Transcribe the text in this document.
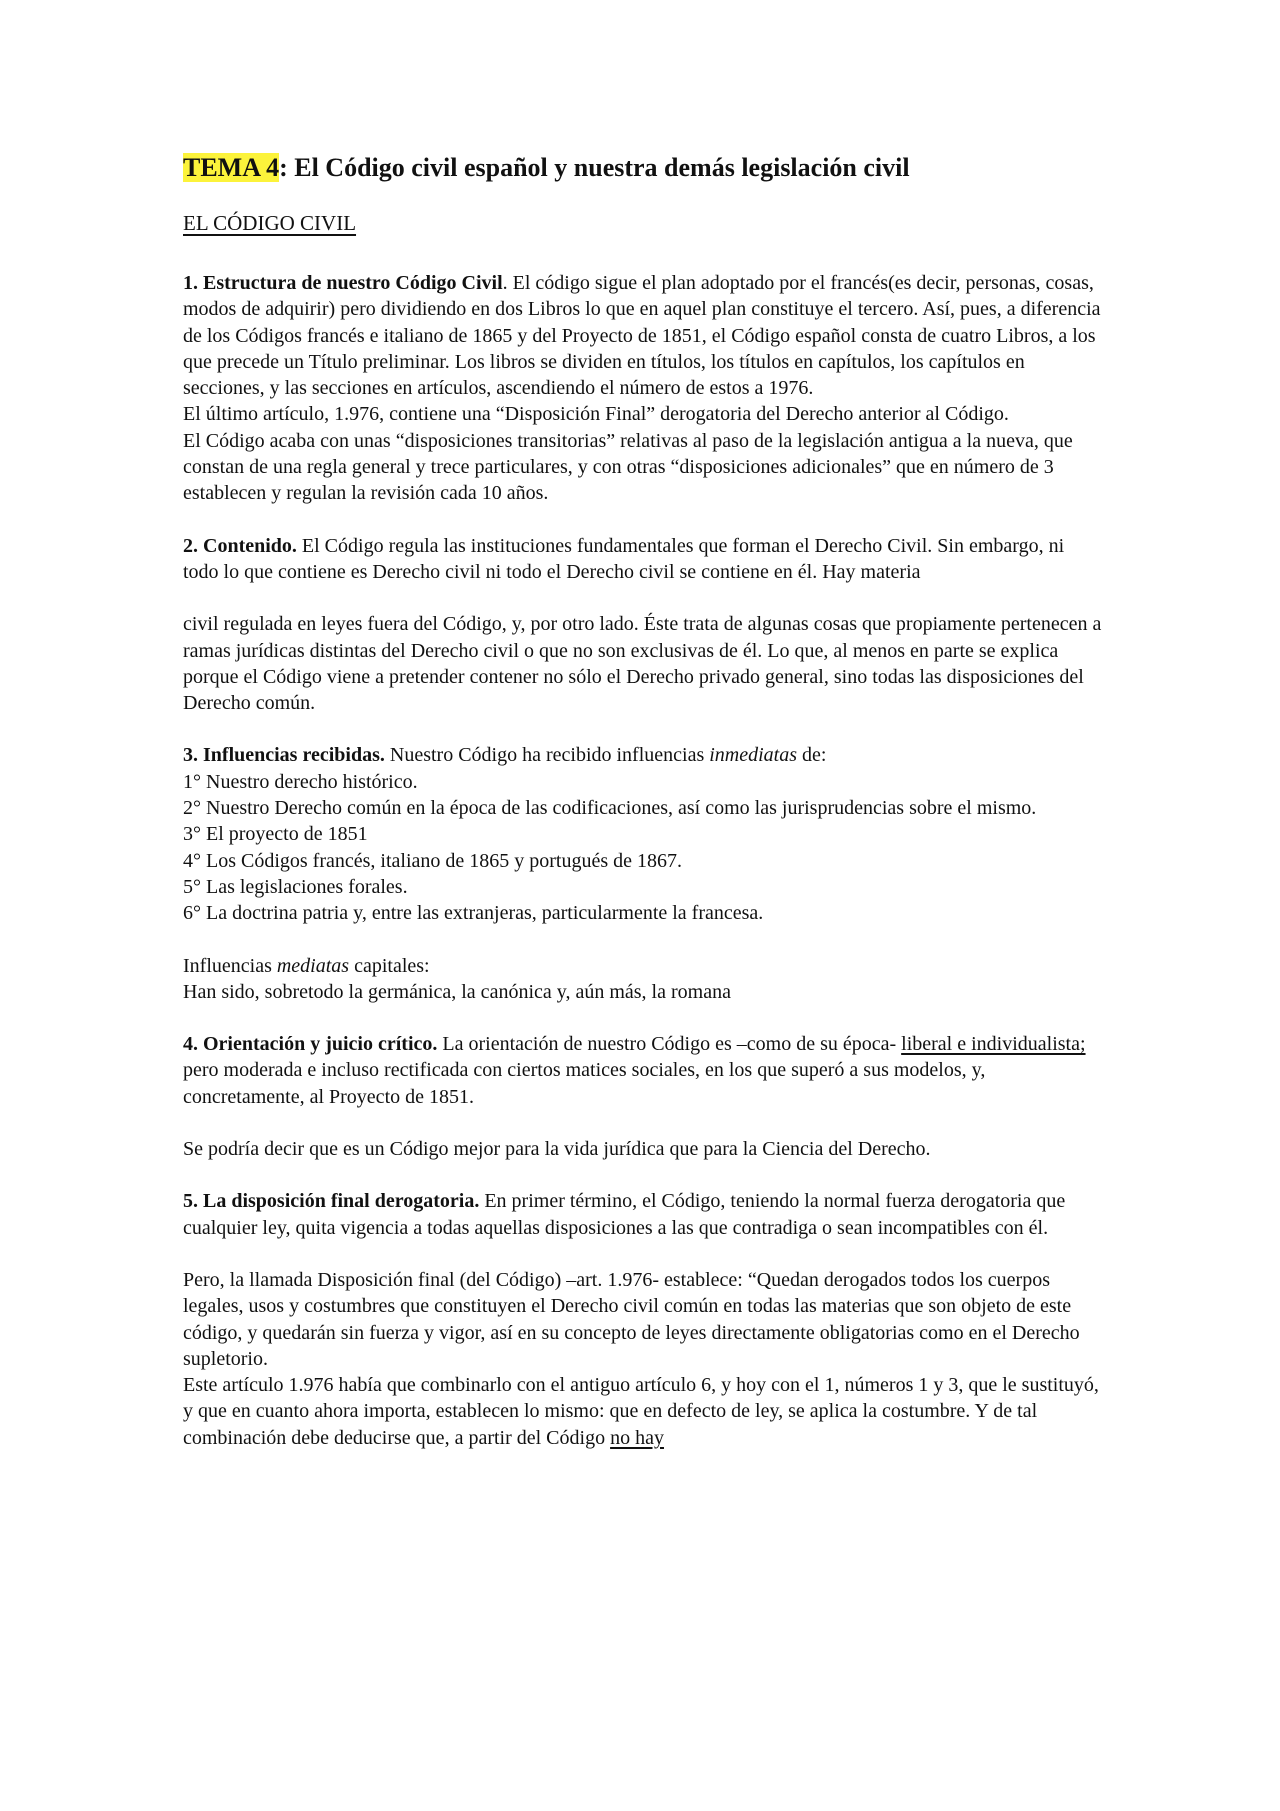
TEMA 4: El Código civil español y nuestra demás legislación civil
EL CÓDIGO CIVIL

1. Estructura de nuestro Código Civil. El código sigue el plan adoptado por el francés(es decir, personas, cosas, modos de adquirir) pero dividiendo en dos Libros lo que en aquel plan constituye el tercero. Así, pues, a diferencia de los Códigos francés e italiano de 1865 y del Proyecto de 1851, el Código español consta de cuatro Libros, a los que precede un Título preliminar. Los libros se dividen en títulos, los títulos en capítulos, los capítulos en secciones, y las secciones en artículos, ascendiendo el número de estos a 1976.

El último artículo, 1.976, contiene una “Disposición Final” derogatoria del Derecho anterior al Código.

El Código acaba con unas “disposiciones transitorias” relativas al paso de la legislación antigua a la nueva, que constan de una regla general y trece particulares, y con otras “disposiciones adicionales” que en número de 3 establecen y regulan la revisión cada 10 años.

2. Contenido. El Código regula las instituciones fundamentales que forman el Derecho Civil. Sin embargo, ni todo lo que contiene es Derecho civil ni todo el Derecho civil se contiene en él. Hay materia

civil regulada en leyes fuera del Código, y, por otro lado. Éste trata de algunas cosas que propiamente pertenecen a ramas jurídicas distintas del Derecho civil o que no son exclusivas de él. Lo que, al menos en parte se explica porque el Código viene a pretender contener no sólo el Derecho privado general, sino todas las disposiciones del Derecho común.

3. Influencias recibidas. Nuestro Código ha recibido influencias inmediatas de:

1° Nuestro derecho histórico.

2° Nuestro Derecho común en la época de las codificaciones, así como las jurisprudencias sobre el mismo.

3° El proyecto de 1851

4° Los Códigos francés, italiano de 1865 y portugués de 1867.

5° Las legislaciones forales.

6° La doctrina patria y, entre las extranjeras, particularmente la francesa.

Influencias mediatas capitales:

Han sido, sobretodo la germánica, la canónica y, aún más, la romana

4. Orientación y juicio crítico. La orientación de nuestro Código es –como de su época- liberal e individualista; pero moderada e incluso rectificada con ciertos matices sociales, en los que superó a sus modelos, y, concretamente, al Proyecto de 1851.

Se podría decir que es un Código mejor para la vida jurídica que para la Ciencia del Derecho.

5. La disposición final derogatoria. En primer término, el Código, teniendo la normal fuerza derogatoria que cualquier ley, quita vigencia a todas aquellas disposiciones a las que contradiga o sean incompatibles con él.

Pero, la llamada Disposición final (del Código) –art. 1.976- establece: “Quedan derogados todos los cuerpos legales, usos y costumbres que constituyen el Derecho civil común en todas las materias que son objeto de este código, y quedarán sin fuerza y vigor, así en su concepto de leyes directamente obligatorias como en el Derecho supletorio.

Este artículo 1.976 había que combinarlo con el antiguo artículo 6, y hoy con el 1, números 1 y 3, que le sustituyó, y que en cuanto ahora importa, establecen lo mismo: que en defecto de ley, se aplica la costumbre. Y de tal combinación debe deducirse que, a partir del Código no hay
